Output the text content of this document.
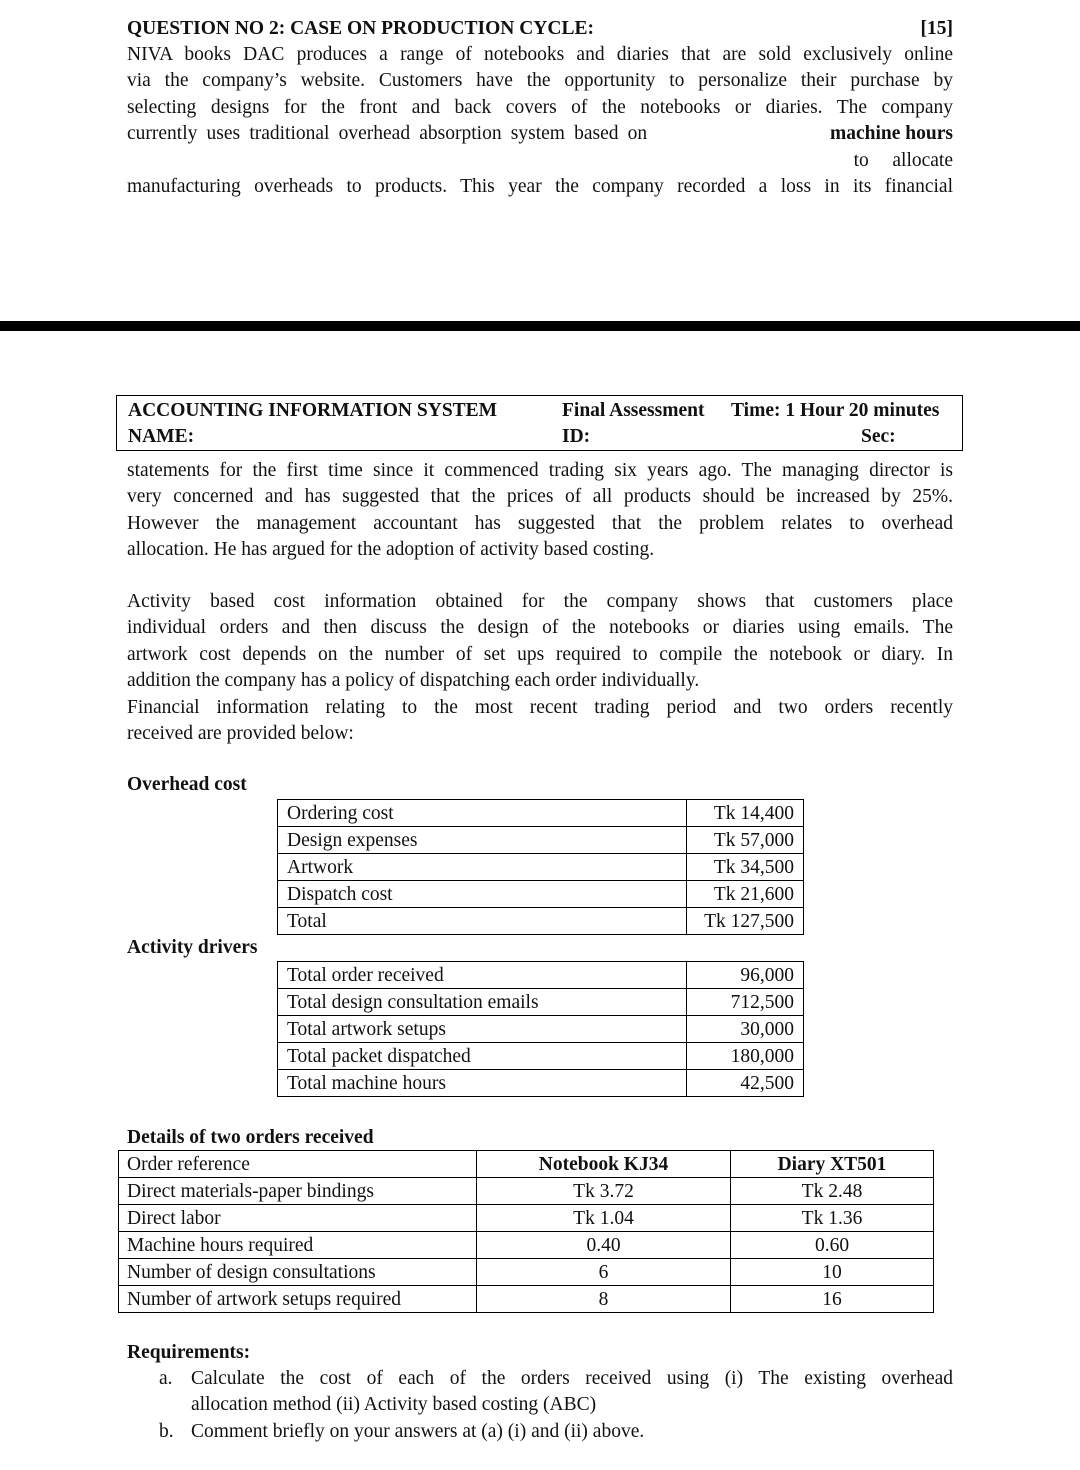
QUESTION NO 2: CASE ON PRODUCTION CYCLE:	[15]
NIVA books DAC produces a range of notebooks and diaries that are sold exclusively online
via the company’s website. Customers have the opportunity to personalize their purchase by
selecting designs for the front and back covers of the notebooks or diaries. The company
currently uses traditional overhead absorption system based on	machine hours
to allocate
manufacturing overheads to products. This year the company recorded a loss in its financial
ACCOUNTING INFORMATION SYSTEM	Final Assessment Time: 1 Hour 20 minutes
NAME:	ID:	Sec:
statements for the first time since it commenced trading six years ago. The managing director is
very concerned and has suggested that the prices of all products should be increased by 25%.
However the management accountant has suggested that the problem relates to overhead
allocation. He has argued for the adoption of activity based costing.
Activity based cost information obtained for the company shows that customers place
individual orders and then discuss the design of the notebooks or diaries using emails. The
artwork cost depends on the number of set ups required to compile the notebook or diary. In
addition the company has a policy of dispatching each order individually.
Financial information relating to the most recent trading period and two orders recently
received are provided below:
Overhead cost
Ordering cost	Tk 14,400
Design expenses	Tk 57,000
Artwork	Tk 34,500
Dispatch cost	Tk 21,600
Total	Tk 127,500
Activity drivers
Total order received	96,000
Total design consultation emails	712,500
Total artwork setups	30,000
Total packet dispatched	180,000
Total machine hours	42,500
Details of two orders received
Order reference	Notebook KJ34	Diary XT501
Direct materials-paper bindings	Tk 3.72	Tk 2.48
Direct labor	Tk 1.04	Tk 1.36
Machine hours required	0.40	0.60
Number of design consultations	6	10
Number of artwork setups required	8	16
Requirements:
a. Calculate the cost of each of the orders received using (i) The existing overhead
allocation method (ii) Activity based costing (ABC)
b. Comment briefly on your answers at (a) (i) and (ii) above.
